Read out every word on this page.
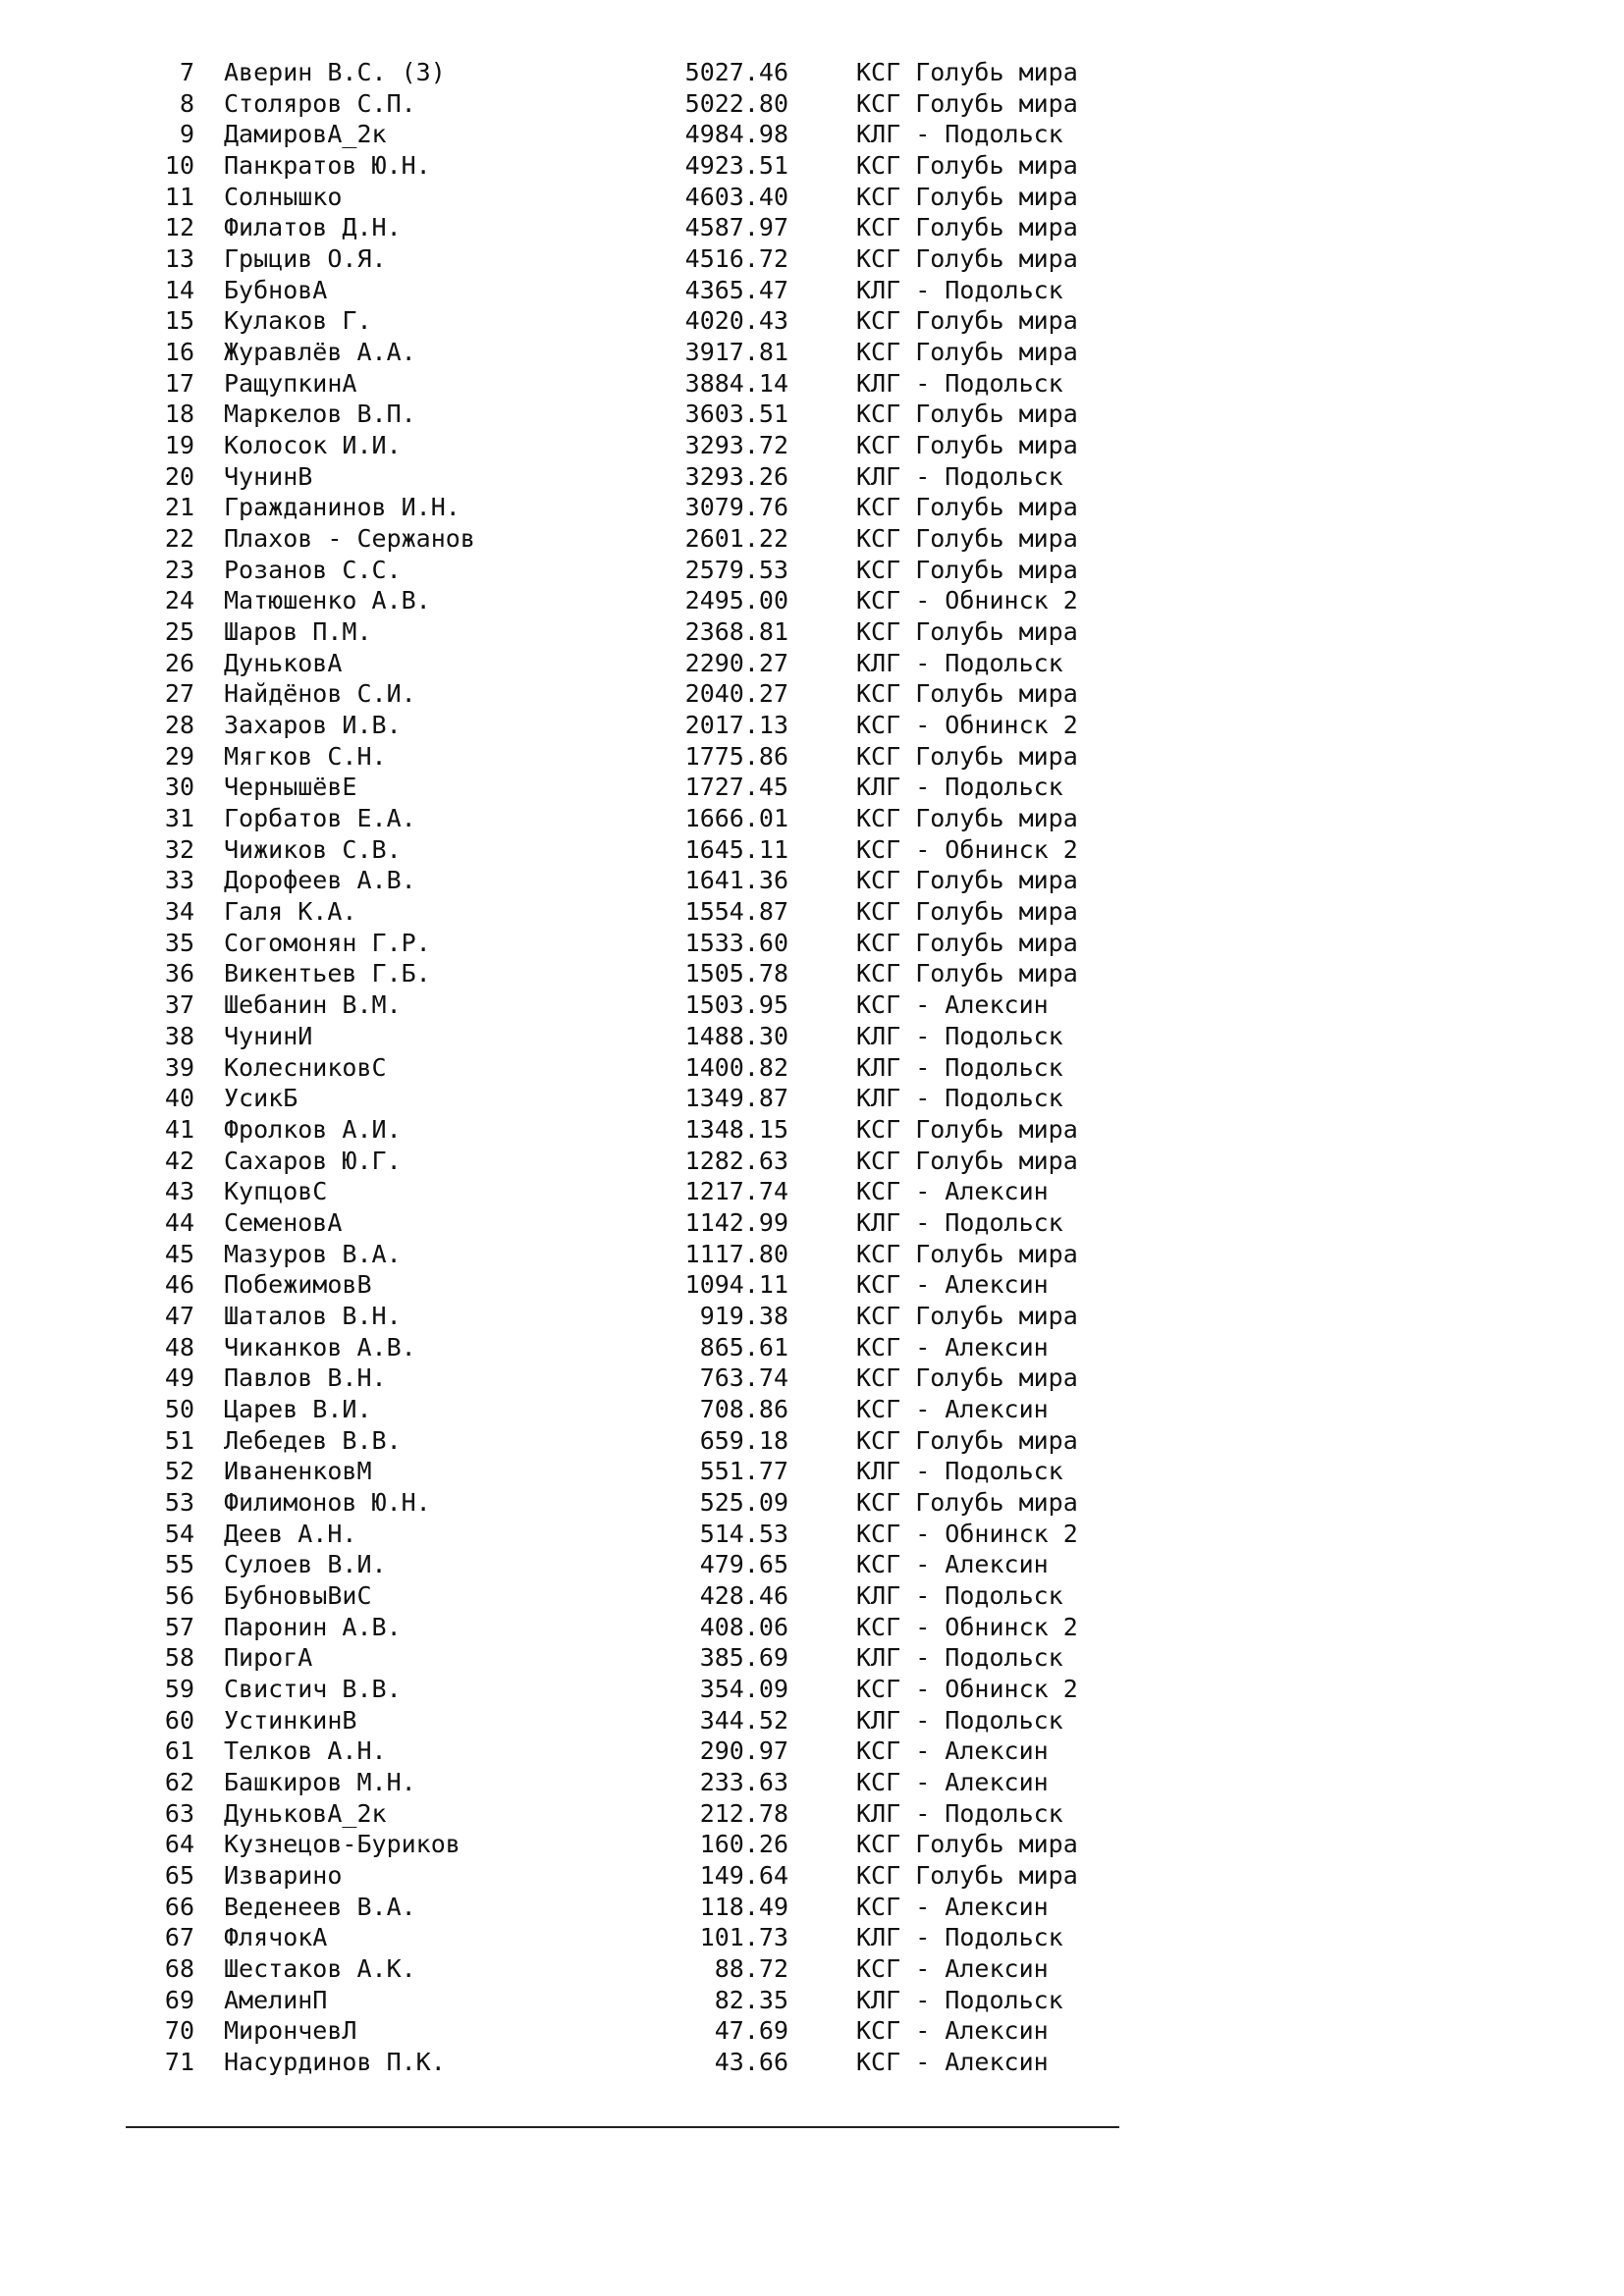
7 Аверин В.С. (З)	5027.46	КСГ Голубь мира
8 Столяров С.П.	5022.80	КСГ Голубь мира
9 ДамировА_2к	4984.98	КЛГ - Подольск
10 Панкратов Ю.Н.	4923.51	КСГ Голубь мира
11 Солнышко	4603.40	КСГ Голубь мира
12 Филатов Д.Н.	4587.97	КСГ Голубь мира
13 Грыцив О.Я.	4516.72	КСГ Голубь мира
14 БубновА	4365.47	КЛГ - Подольск
15 Кулаков Г.	4020.43	КСГ Голубь мира
16 Журавлёв А.А.	3917.81	КСГ Голубь мира
17 РащупкинА	3884.14	КЛГ - Подольск
18 Маркелов В.П.	3603.51	КСГ Голубь мира
19 Колосок И.И.	3293.72	КСГ Голубь мира
20 ЧунинВ	3293.26	КЛГ - Подольск
21 Гражданинов И.Н.	3079.76	КСГ Голубь мира
22 Плахов - Сержанов	2601.22	КСГ Голубь мира
23 Розанов С.С.	2579.53	КСГ Голубь мира
24 Матюшенко А.В.	2495.00	КСГ - Обнинск 2
25 Шаров П.М.	2368.81	КСГ Голубь мира
26 ДуньковА	2290.27	КЛГ - Подольск
27 Найдёнов С.И.	2040.27	КСГ Голубь мира
28 Захаров И.В.	2017.13	КСГ - Обнинск 2
29 Мягков С.Н.	1775.86	КСГ Голубь мира
30 ЧернышёвЕ	1727.45	КЛГ - Подольск
31 Горбатов Е.А.	1666.01	КСГ Голубь мира
32 Чижиков С.В.	1645.11	КСГ - Обнинск 2
33 Дорофеев А.В.	1641.36	КСГ Голубь мира
34 Галя К.А.	1554.87	КСГ Голубь мира
35 Согомонян Г.Р.	1533.60	КСГ Голубь мира
36 Викентьев Г.Б.	1505.78	КСГ Голубь мира
37 Шебанин В.М.	1503.95	КСГ - Алексин
38 ЧунинИ	1488.30	КЛГ - Подольск
39 КолесниковС	1400.82	КЛГ - Подольск
40 УсикБ	1349.87	КЛГ - Подольск
41 Фролков А.И.	1348.15	КСГ Голубь мира
42 Сахаров Ю.Г.	1282.63	КСГ Голубь мира
43 КупцовС	1217.74	КСГ - Алексин
44 СеменовА	1142.99	КЛГ - Подольск
45 Мазуров В.А.	1117.80	КСГ Голубь мира
46 ПобежимовВ	1094.11	КСГ - Алексин
47 Шаталов В.Н.	919.38	КСГ Голубь мира
48 Чиканков А.В.	865.61	КСГ - Алексин
49 Павлов В.Н.	763.74	КСГ Голубь мира
50 Царев В.И.	708.86	КСГ - Алексин
51 Лебедев В.В.	659.18	КСГ Голубь мира
52 ИваненковМ	551.77	КЛГ - Подольск
53 Филимонов Ю.Н.	525.09	КСГ Голубь мира
54 Деев А.Н.	514.53	КСГ - Обнинск 2
55 Сулоев В.И.	479.65	КСГ - Алексин
56 БубновыВиС	428.46	КЛГ - Подольск
57 Паронин А.В.	408.06	КСГ - Обнинск 2
58 ПирогА	385.69	КЛГ - Подольск
59 Свистич В.В.	354.09	КСГ - Обнинск 2
60 УстинкинВ	344.52	КЛГ - Подольск
61 Телков А.Н.	290.97	КСГ - Алексин
62 Башкиров М.Н.	233.63	КСГ - Алексин
63 ДуньковА_2к	212.78	КЛГ - Подольск
64 Кузнецов-Буриков	160.26	КСГ Голубь мира
65 Изварино	149.64	КСГ Голубь мира
66 Веденеев В.А.	118.49	КСГ - Алексин
67 ФлячокА	101.73	КЛГ - Подольск
68 Шестаков А.К.	88.72	КСГ - Алексин
69 АмелинП	82.35	КЛГ - Подольск
70 МирончевЛ	47.69	КСГ - Алексин
71 Насурдинов П.К.	43.66	КСГ - Алексин
